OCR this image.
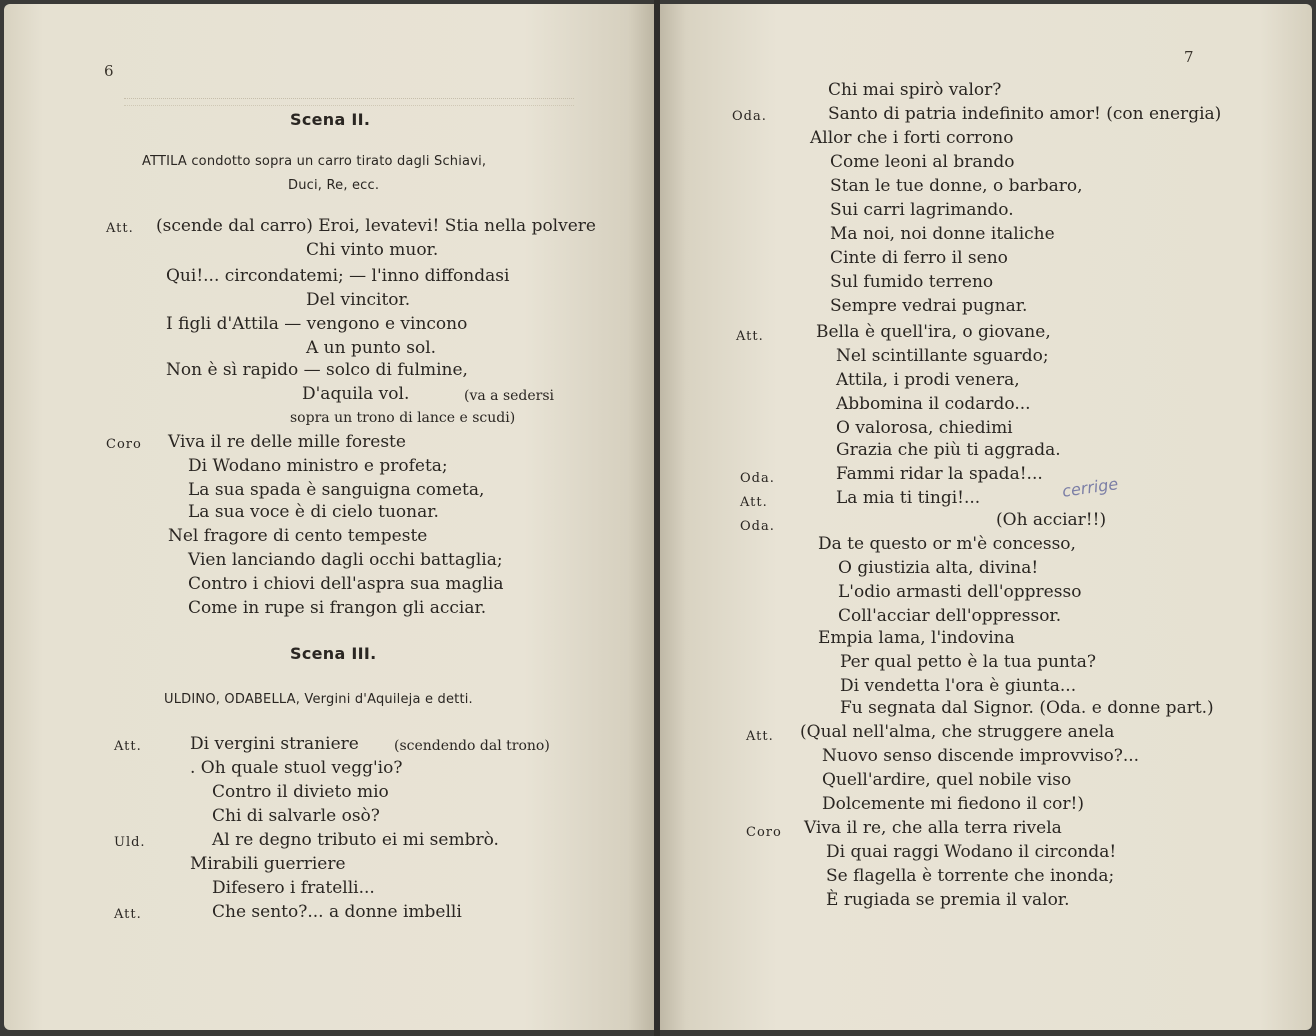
6
Scena II.
ATTILA condotto sopra un carro tirato dagli Schiavi,
Duci, Re, ecc.
Att. (scende dal carro) Eroi, levatevi! Stia nella polvere
Chi vinto muor.
Qui!... circondatemi; — l'inno diffondasi
Del vincitor.
I figli d'Attila — vengono e vincono
A un punto sol.
Non è sì rapido — solco di fulmine,
D'aquila vol.	(va a sedersi
sopra un trono di lance e scudi)
Coro Viva il re delle mille foreste
Di Wodano ministro e profeta;
La sua spada è sanguigna cometa,
La sua voce è di cielo tuonar.
Nel fragore di cento tempeste
Vien lanciando dagli occhi battaglia;
Contro i chiovi dell'aspra sua maglia
Come in rupe si frangon gli acciar.
Scena III.
ULDINO, ODABELLA, Vergini d'Aquileja e detti.
Att.	Di vergini straniere	(scendendo dal trono)
. Oh quale stuol vegg'io?
Contro il divieto mio
Chi di salvarle osò?
Uld.	Al re degno tributo ei mi sembrò.
Mirabili guerriere
Difesero i fratelli...
Att.	Che sento?... a donne imbelli
7
Chi mai spirò valor?
Oda.	Santo di patria indefinito amor! (con energia)
Allor che i forti corrono
Come leoni al brando
Stan le tue donne, o barbaro,
Sui carri lagrimando.
Ma noi, noi donne italiche
Cinte di ferro il seno
Sul fumido terreno
Sempre vedrai pugnar.
Att.	Bella è quell'ira, o giovane,
Nel scintillante sguardo;
Attila, i prodi venera,
Abbomina il codardo...
O valorosa, chiedimi
Grazia che più ti aggrada.
Oda.	Fammi ridar la spada!...
Att.	La mia ti tingi!...	cerrige
Oda.	(Oh acciar!!)
Da te questo or m'è concesso,
O giustizia alta, divina!
L'odio armasti dell'oppresso
Coll'acciar dell'oppressor.
Empia lama, l'indovina
Per qual petto è la tua punta?
Di vendetta l'ora è giunta...
Fu segnata dal Signor. (Oda. e donne part.)
Att. (Qual nell'alma, che struggere anela
Nuovo senso discende improvviso?...
Quell'ardire, quel nobile viso
Dolcemente mi fiedono il cor!)
Coro Viva il re, che alla terra rivela
Di quai raggi Wodano il circonda!
Se flagella è torrente che inonda;
È rugiada se premia il valor.
